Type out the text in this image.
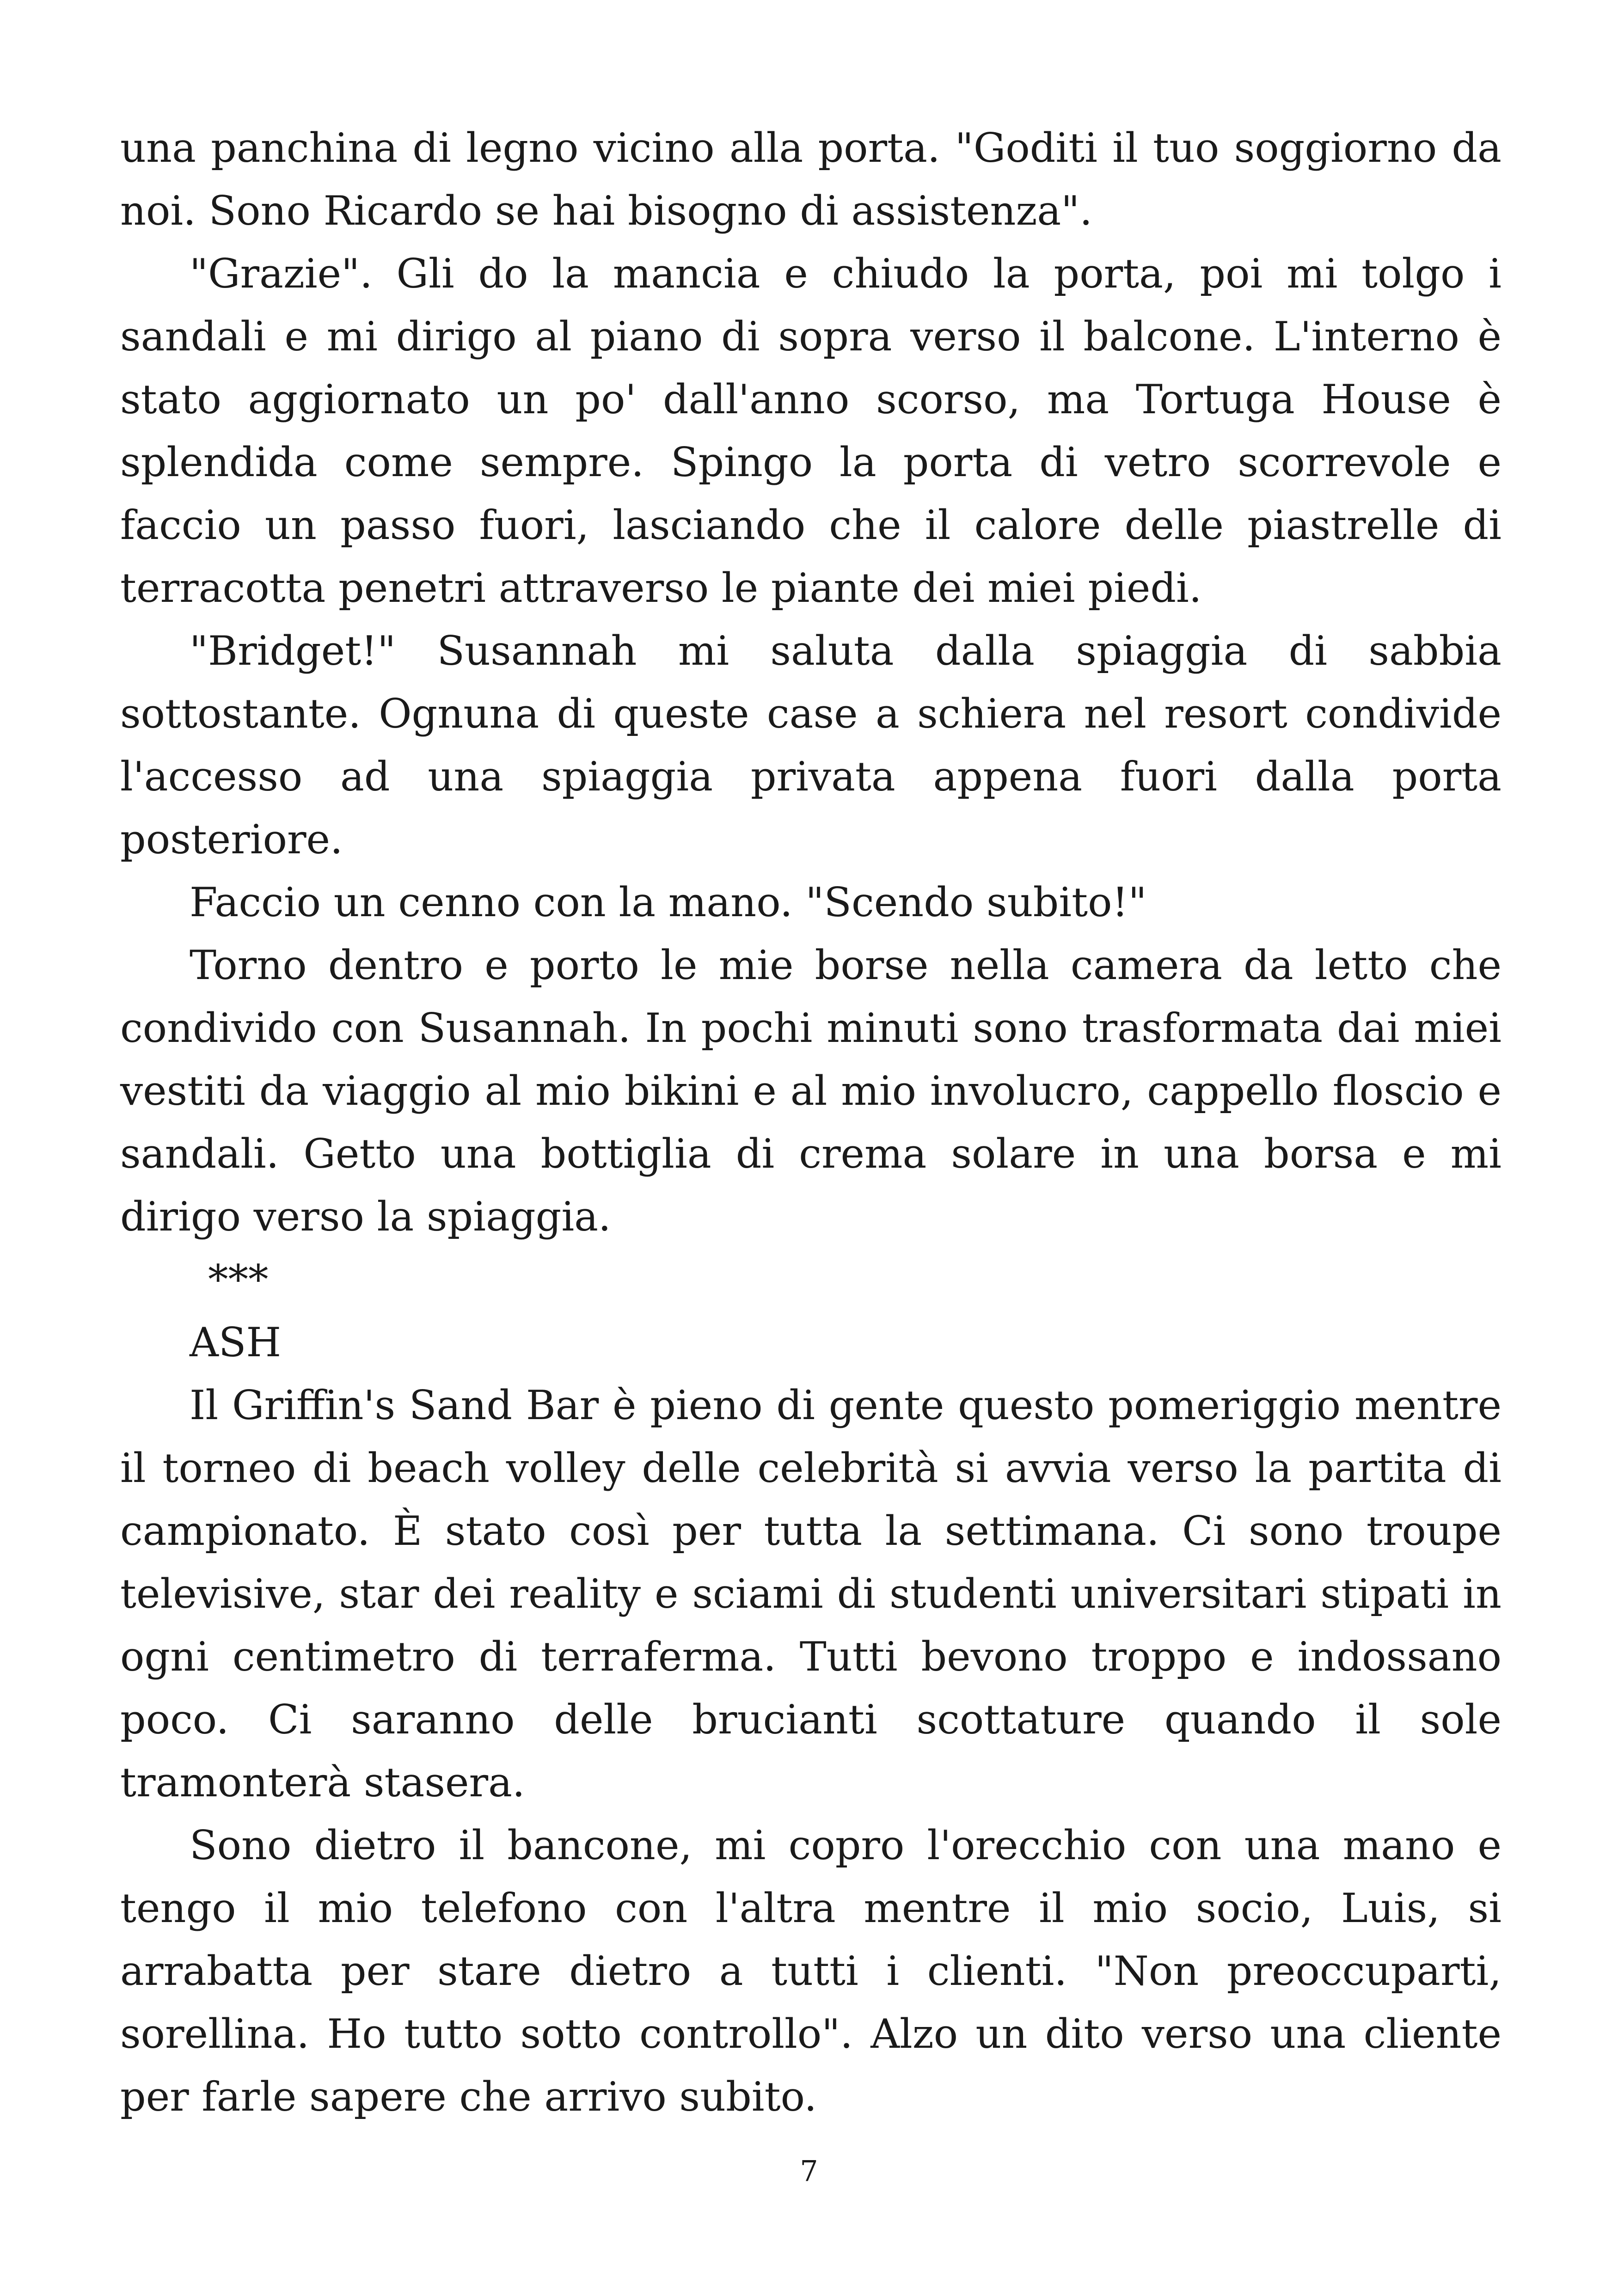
una panchina di legno vicino alla porta. "Goditi il tuo soggiorno da noi. Sono Ricardo se hai bisogno di assistenza".

"Grazie". Gli do la mancia e chiudo la porta, poi mi tolgo i sandali e mi dirigo al piano di sopra verso il balcone. L'interno è stato aggiornato un po' dall'anno scorso, ma Tortuga House è splendida come sempre. Spingo la porta di vetro scorrevole e faccio un passo fuori, lasciando che il calore delle piastrelle di terracotta penetri attraverso le piante dei miei piedi.

"Bridget!" Susannah mi saluta dalla spiaggia di sabbia sottostante. Ognuna di queste case a schiera nel resort condivide l'accesso ad una spiaggia privata appena fuori dalla porta posteriore.

Faccio un cenno con la mano. "Scendo subito!"

Torno dentro e porto le mie borse nella camera da letto che condivido con Susannah. In pochi minuti sono trasformata dai miei vestiti da viaggio al mio bikini e al mio involucro, cappello floscio e sandali. Getto una bottiglia di crema solare in una borsa e mi dirigo verso la spiaggia.

***

ASH

Il Griffin's Sand Bar è pieno di gente questo pomeriggio mentre il torneo di beach volley delle celebrità si avvia verso la partita di campionato. È stato così per tutta la settimana. Ci sono troupe televisive, star dei reality e sciami di studenti universitari stipati in ogni centimetro di terraferma. Tutti bevono troppo e indossano poco. Ci saranno delle brucianti scottature quando il sole tramonterà stasera.

Sono dietro il bancone, mi copro l'orecchio con una mano e tengo il mio telefono con l'altra mentre il mio socio, Luis, si arrabatta per stare dietro a tutti i clienti. "Non preoccuparti, sorellina. Ho tutto sotto controllo". Alzo un dito verso una cliente per farle sapere che arrivo subito.

7
